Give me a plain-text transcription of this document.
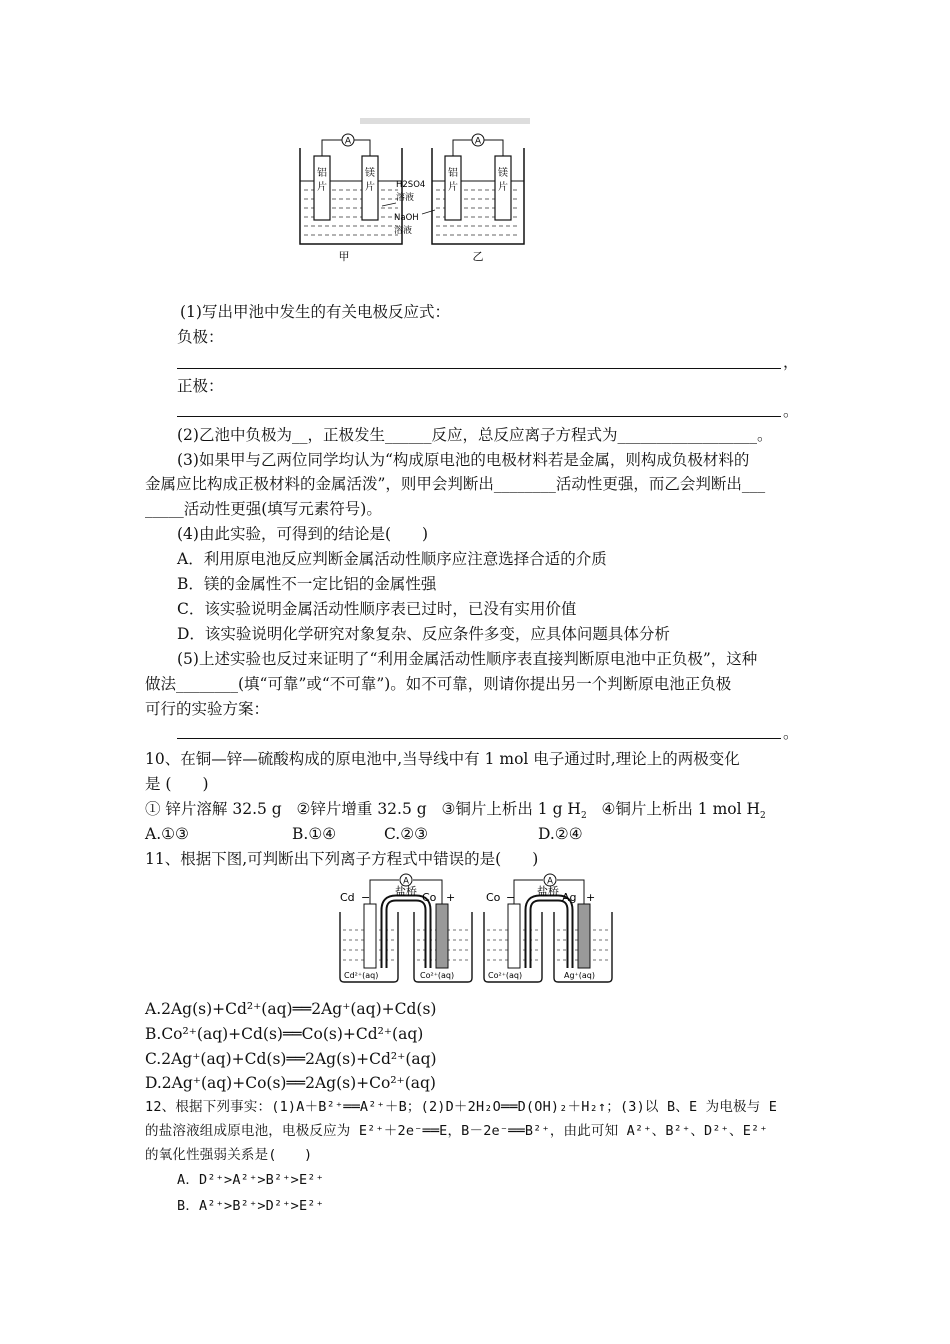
A
铝
片
镁
片
甲
H2SO4
溶液
NaOH
溶液
A
铝
片
镁
片
乙
(1)写出甲池中发生的有关电极反应式：
负极：
，
正极：
。
(2)乙池中负极为__，正极发生______反应，总反应离子方程式为__________________。
(3)如果甲与乙两位同学均认为“构成原电池的电极材料若是金属，则构成负极材料的
金属应比构成正极材料的金属活泼”，则甲会判断出________活动性更强，而乙会判断出___
_____活动性更强(填写元素符号)。
(4)由此实验，可得到的结论是(　　)
A．利用原电池反应判断金属活动性顺序应注意选择合适的介质
B．镁的金属性不一定比铝的金属性强
C．该实验说明金属活动性顺序表已过时，已没有实用价值
D．该实验说明化学研究对象复杂、反应条件多变，应具体问题具体分析
(5)上述实验也反过来证明了“利用金属活动性顺序表直接判断原电池中正负极”，这种
做法________(填“可靠”或“不可靠”)。如不可靠，则请你提出另一个判断原电池正负极
可行的实验方案：
。
10、在铜—锌—硫酸构成的原电池中,当导线中有 1 mol 电子通过时,理论上的两极变化
是 (　　)
① 锌片溶解 32.5 g ②锌片增重 32.5 g ③铜片上析出 1 g $H_2$ ④铜片上析出 1 mol $H_2$
A.①③	B.①④	C.②③	D.②④
11、根据下图,可判断出下列离子方程式中错误的是(　　)
A
Cd − 盐桥 Co +
Cd²⁺(aq)	Co²⁺(aq)
A
Co − 盐桥 Ag +
Co²⁺(aq)	Ag⁺(aq)
A.2Ag(s)+Cd²⁺(aq)══2Ag⁺(aq)+Cd(s)
B.Co²⁺(aq)+Cd(s)══Co(s)+Cd²⁺(aq)
C.2Ag⁺(aq)+Cd(s)══2Ag(s)+Cd²⁺(aq)
D.2Ag⁺(aq)+Co(s)══2Ag(s)+Co²⁺(aq)
12、根据下列事实：(1)A＋B²⁺══A²⁺＋B；(2)D＋2H₂O══D(OH)₂＋H₂↑；(3)以 B、E 为电极与 E
的盐溶液组成原电池，电极反应为 E²⁺＋2e⁻══E，B－2e⁻══B²⁺，由此可知 A²⁺、B²⁺、D²⁺、E²⁺
的氧化性强弱关系是(　　)
A．D²⁺>A²⁺>B²⁺>E²⁺
B．A²⁺>B²⁺>D²⁺>E²⁺
